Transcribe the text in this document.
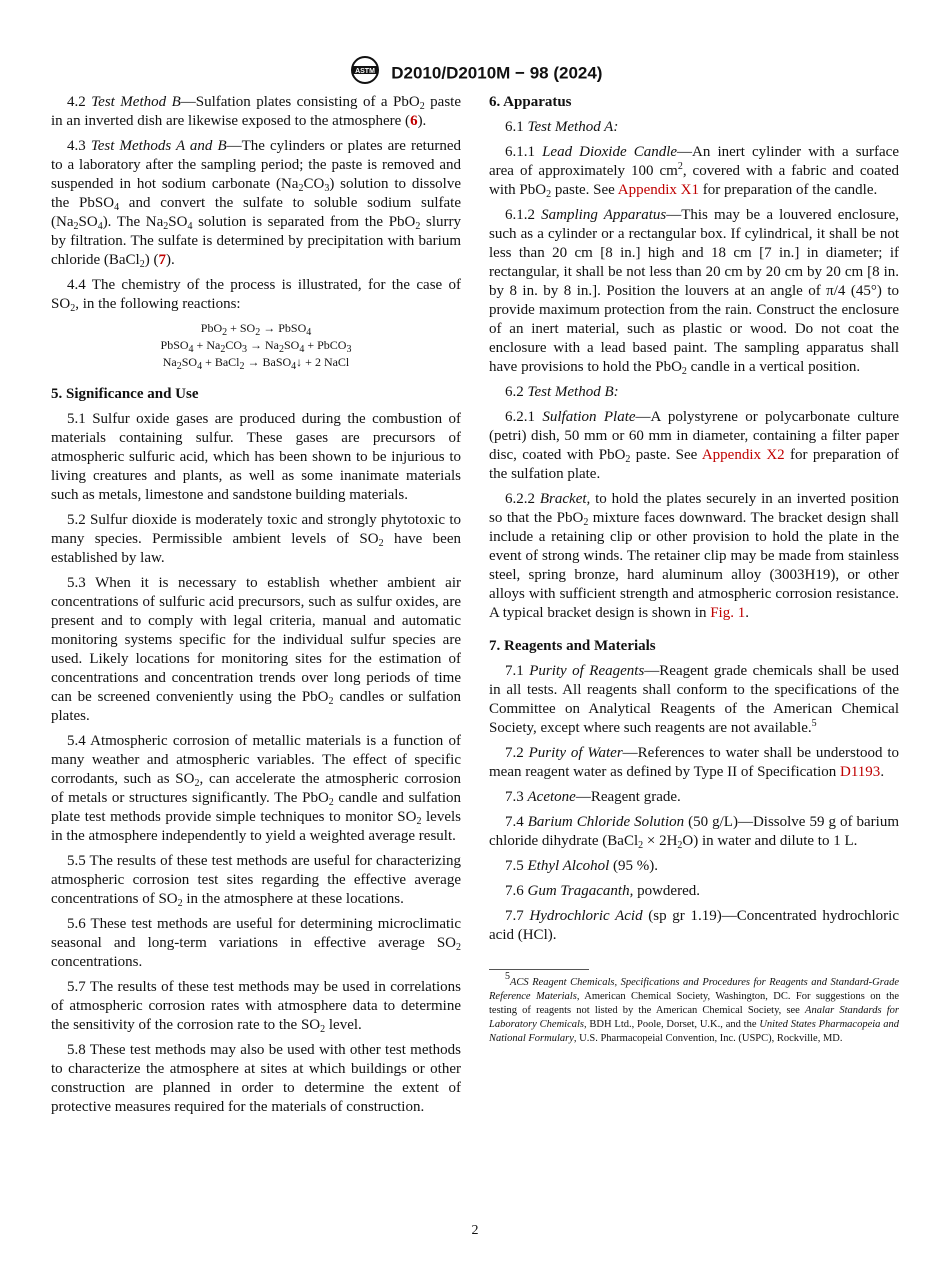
ASTM D2010/D2010M − 98 (2024)

4.2 Test Method B—Sulfation plates consisting of a PbO$_2$ paste in an inverted dish are likewise exposed to the atmosphere (6).

4.3 Test Methods A and B—The cylinders or plates are returned to a laboratory after the sampling period; the paste is removed and suspended in hot sodium carbonate $(Na_2CO_3)$ solution to dissolve the PbSO$_4$ and convert the sulfate to soluble sodium sulfate $(Na_2SO_4)$. The $Na_2SO_4$ solution is separated from the PbO$_2$ slurry by filtration. The sulfate is determined by precipitation with barium chloride (BaCl$_2$) (7).

4.4 The chemistry of the process is illustrated, for the case of $SO_2$, in the following reactions:

$PbO_2 + SO_2$ → PbSO$_4$
PbSO$_4$ + $Na_2CO_3 \to Na_2SO_4$ + PbCO$_3$
$Na_2SO_4$ + BaCl$_2$ → BaSO$_4$↓ + 2 NaCl
5. Significance and Use

5.1 Sulfur oxide gases are produced during the combustion of materials containing sulfur. These gases are precursors of atmospheric sulfuric acid, which has been shown to be injurious to living creatures and plants, as well as some inanimate materials such as metals, limestone and sandstone building materials.

5.2 Sulfur dioxide is moderately toxic and strongly phytotoxic to many species. Permissible ambient levels of $SO_2$ have been established by law.

5.3 When it is necessary to establish whether ambient air concentrations of sulfuric acid precursors, such as sulfur oxides, are present and to comply with legal criteria, manual and automatic monitoring systems specific for the individual sulfur species are used. Likely locations for monitoring sites for the estimation of concentrations and concentration trends over long periods of time can be screened conveniently using the PbO$_2$ candles or sulfation plates.

5.4 Atmospheric corrosion of metallic materials is a function of many weather and atmospheric variables. The effect of specific corrodants, such as $SO_2$, can accelerate the atmospheric corrosion of metals or structures significantly. The PbO$_2$ candle and sulfation plate test methods provide simple techniques to monitor $SO_2$ levels in the atmosphere independently to yield a weighted average result.

5.5 The results of these test methods are useful for characterizing atmospheric corrosion test sites regarding the effective average concentrations of $SO_2$ in the atmosphere at these locations.

5.6 These test methods are useful for determining microclimatic seasonal and long-term variations in effective average $SO_2$ concentrations.

5.7 The results of these test methods may be used in correlations of atmospheric corrosion rates with atmosphere data to determine the sensitivity of the corrosion rate to the $SO_2$ level.

5.8 These test methods may also be used with other test methods to characterize the atmosphere at sites at which buildings or other construction are planned in order to determine the extent of protective measures required for the materials of construction.

6. Apparatus

6.1 Test Method A:

6.1.1 Lead Dioxide Candle—An inert cylinder with a surface area of approximately 100 $cm^2$, covered with a fabric and coated with PbO$_2$ paste. See Appendix X1 for preparation of the candle.

6.1.2 Sampling Apparatus—This may be a louvered enclosure, such as a cylinder or a rectangular box. If cylindrical, it shall be not less than 20 cm [8 in.] high and 18 cm [7 in.] in diameter; if rectangular, it shall be not less than 20 cm by 20 cm by 20 cm [8 in. by 8 in. by 8 in.]. Position the louvers at an angle of π/4 (45°) to provide maximum protection from the rain. Construct the enclosure of an inert material, such as plastic or wood. Do not coat the enclosure with a lead based paint. The sampling apparatus shall have provisions to hold the PbO$_2$ candle in a vertical position.

6.2 Test Method B:

6.2.1 Sulfation Plate—A polystyrene or polycarbonate culture (petri) dish, 50 mm or 60 mm in diameter, containing a filter paper disc, coated with PbO$_2$ paste. See Appendix X2 for preparation of the sulfation plate.

6.2.2 Bracket, to hold the plates securely in an inverted position so that the PbO$_2$ mixture faces downward. The bracket design shall include a retaining clip or other provision to hold the plate in the event of strong winds. The retainer clip may be made from stainless steel, spring bronze, hard aluminum alloy (3003H19), or other alloys with sufficient strength and atmospheric corrosion resistance. A typical bracket design is shown in Fig. 1.

7. Reagents and Materials

7.1 Purity of Reagents—Reagent grade chemicals shall be used in all tests. All reagents shall conform to the specifications of the Committee on Analytical Reagents of the American Chemical Society, except where such reagents are not available.$^5$

7.2 Purity of Water—References to water shall be understood to mean reagent water as defined by Type II of Specification D1193.

7.3 Acetone—Reagent grade.

7.4 Barium Chloride Solution (50 g/L)—Dissolve 59 g of barium chloride dihydrate (BaCl$_2$ × $2H_2O$) in water and dilute to 1 L.

7.5 Ethyl Alcohol (95 %).

7.6 Gum Tragacanth, powdered.

7.7 Hydrochloric Acid (sp gr 1.19)—Concentrated hydrochloric acid (HCl).

$^5$ACS Reagent Chemicals, Specifications and Procedures for Reagents and Standard-Grade Reference Materials, American Chemical Society, Washington, DC. For suggestions on the testing of reagents not listed by the American Chemical Society, see Analar Standards for Laboratory Chemicals, BDH Ltd., Poole, Dorset, U.K., and the United States Pharmacopeia and National Formulary, U.S. Pharmacopeial Convention, Inc. (USPC), Rockville, MD.

2
